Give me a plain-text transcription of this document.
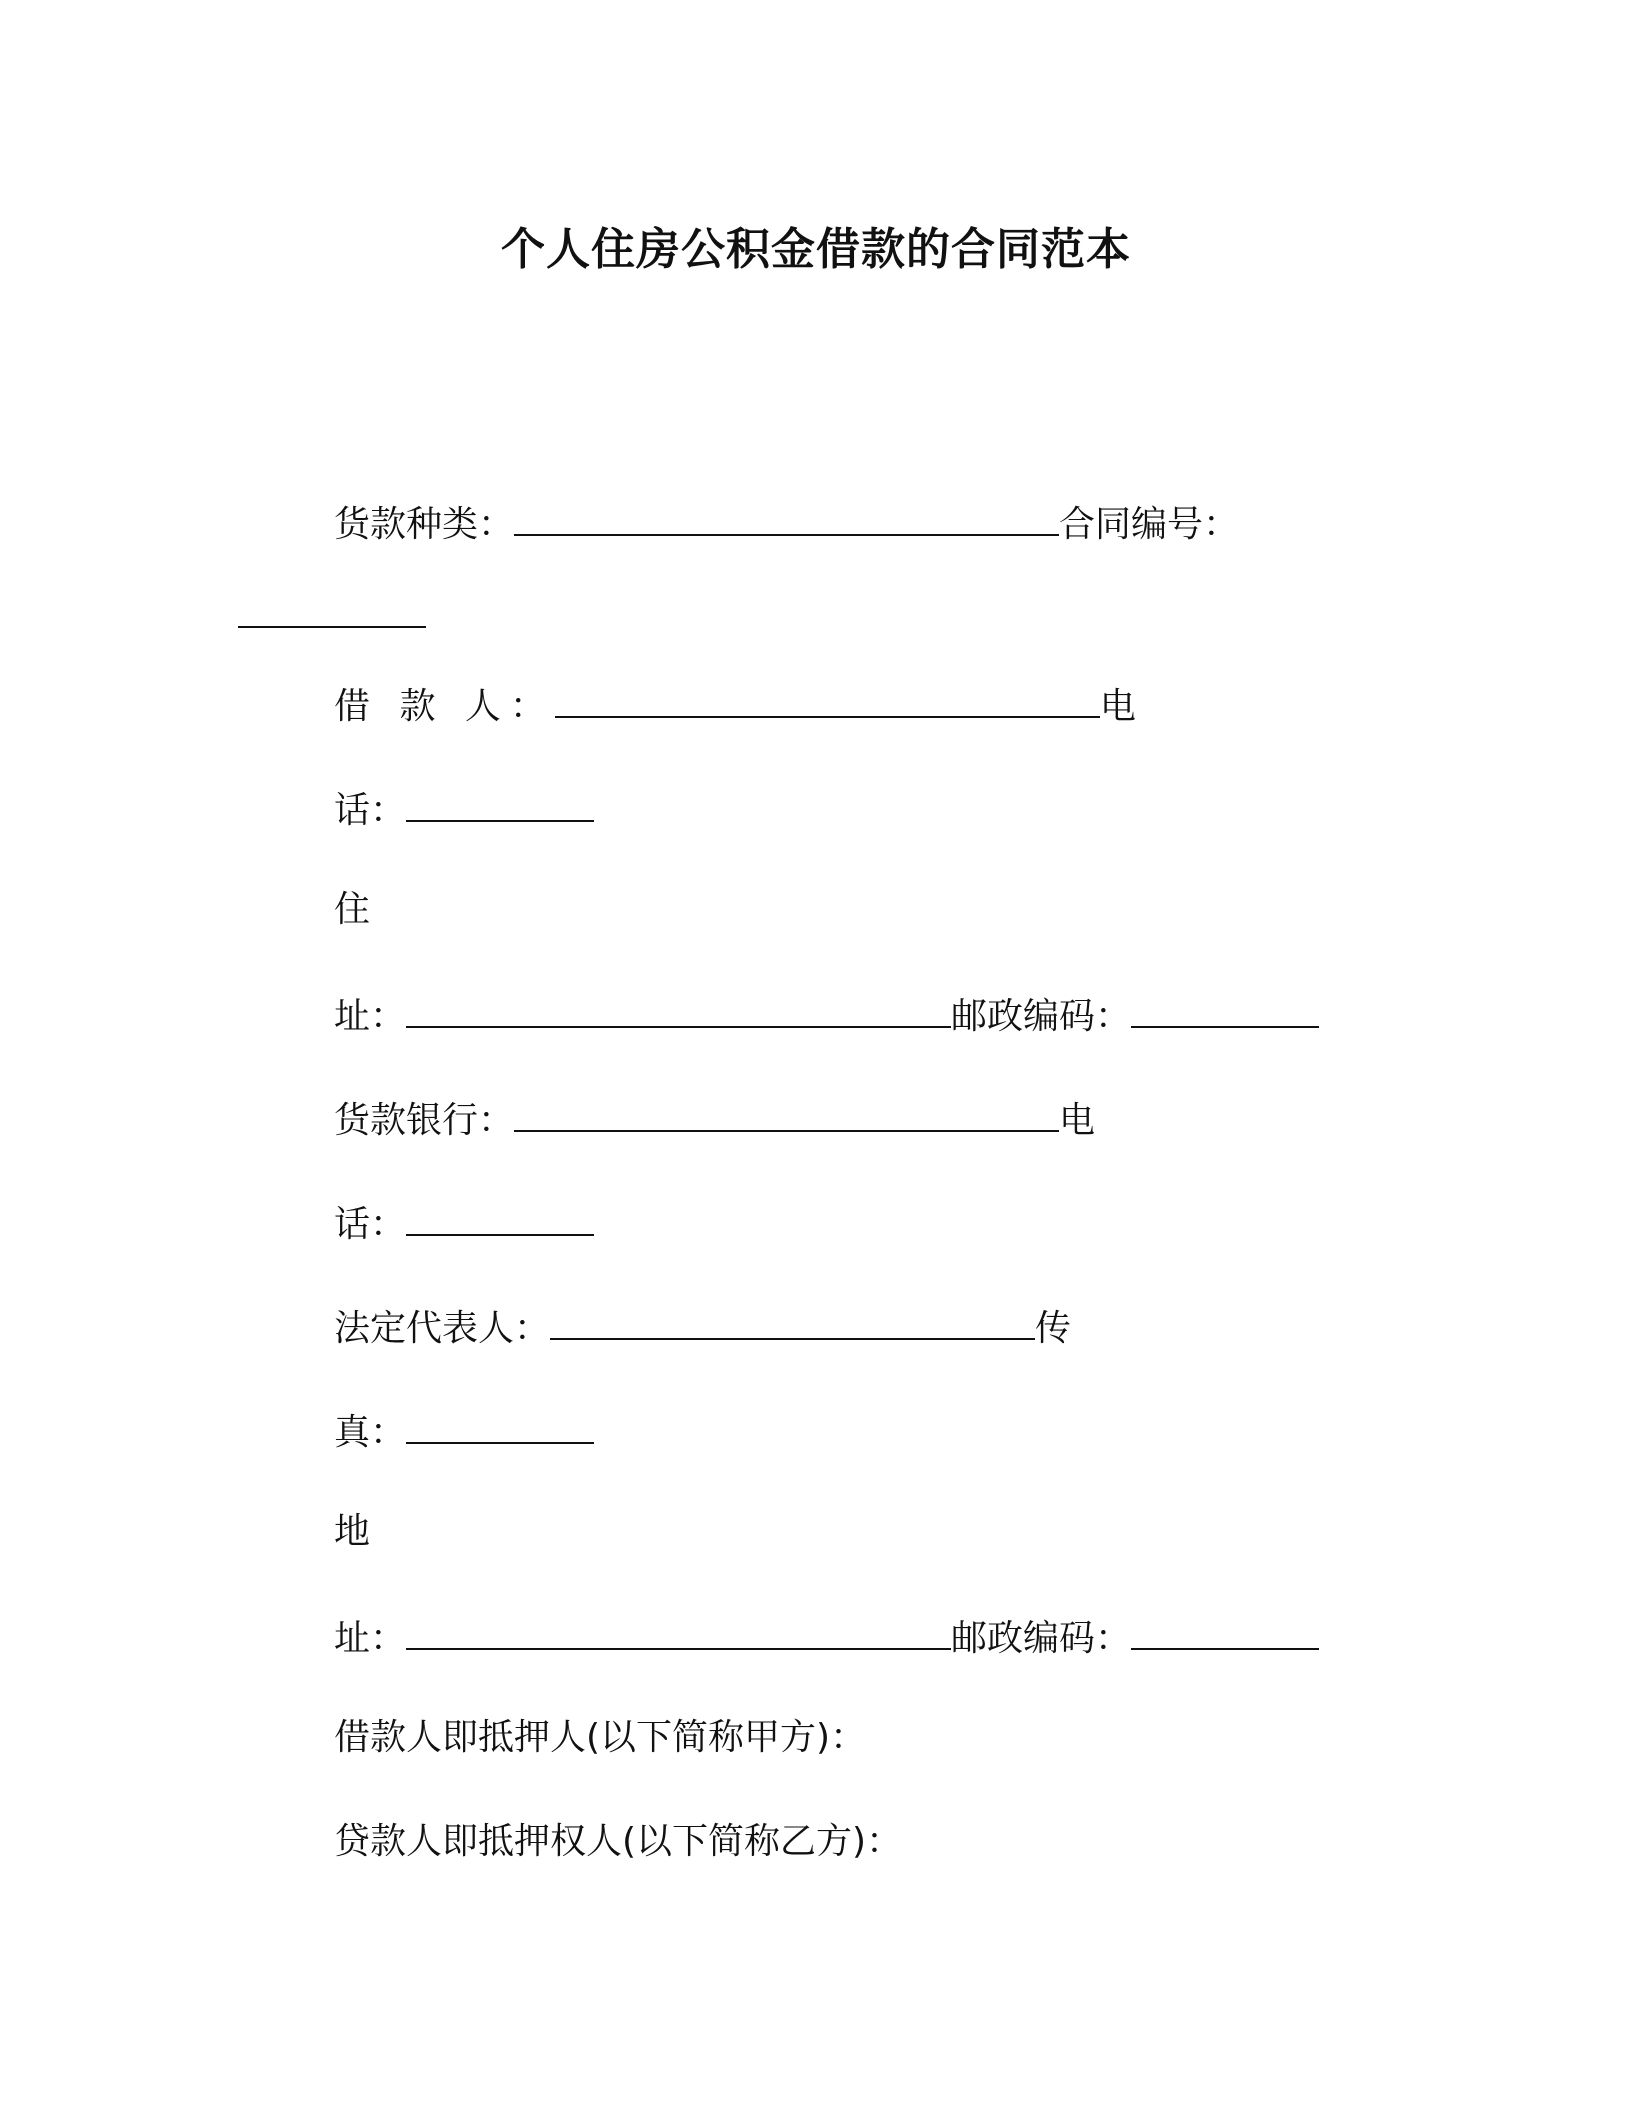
个人住房公积金借款的合同范本
货款种类：	合同编号：
借 款 人：	电
话：
住
址：	邮政编码：
货款银行：	电
话：
法定代表人：	传
真：
地
址：	邮政编码：
借款人即抵押人(以下简称甲方)：
贷款人即抵押权人(以下简称乙方)：
